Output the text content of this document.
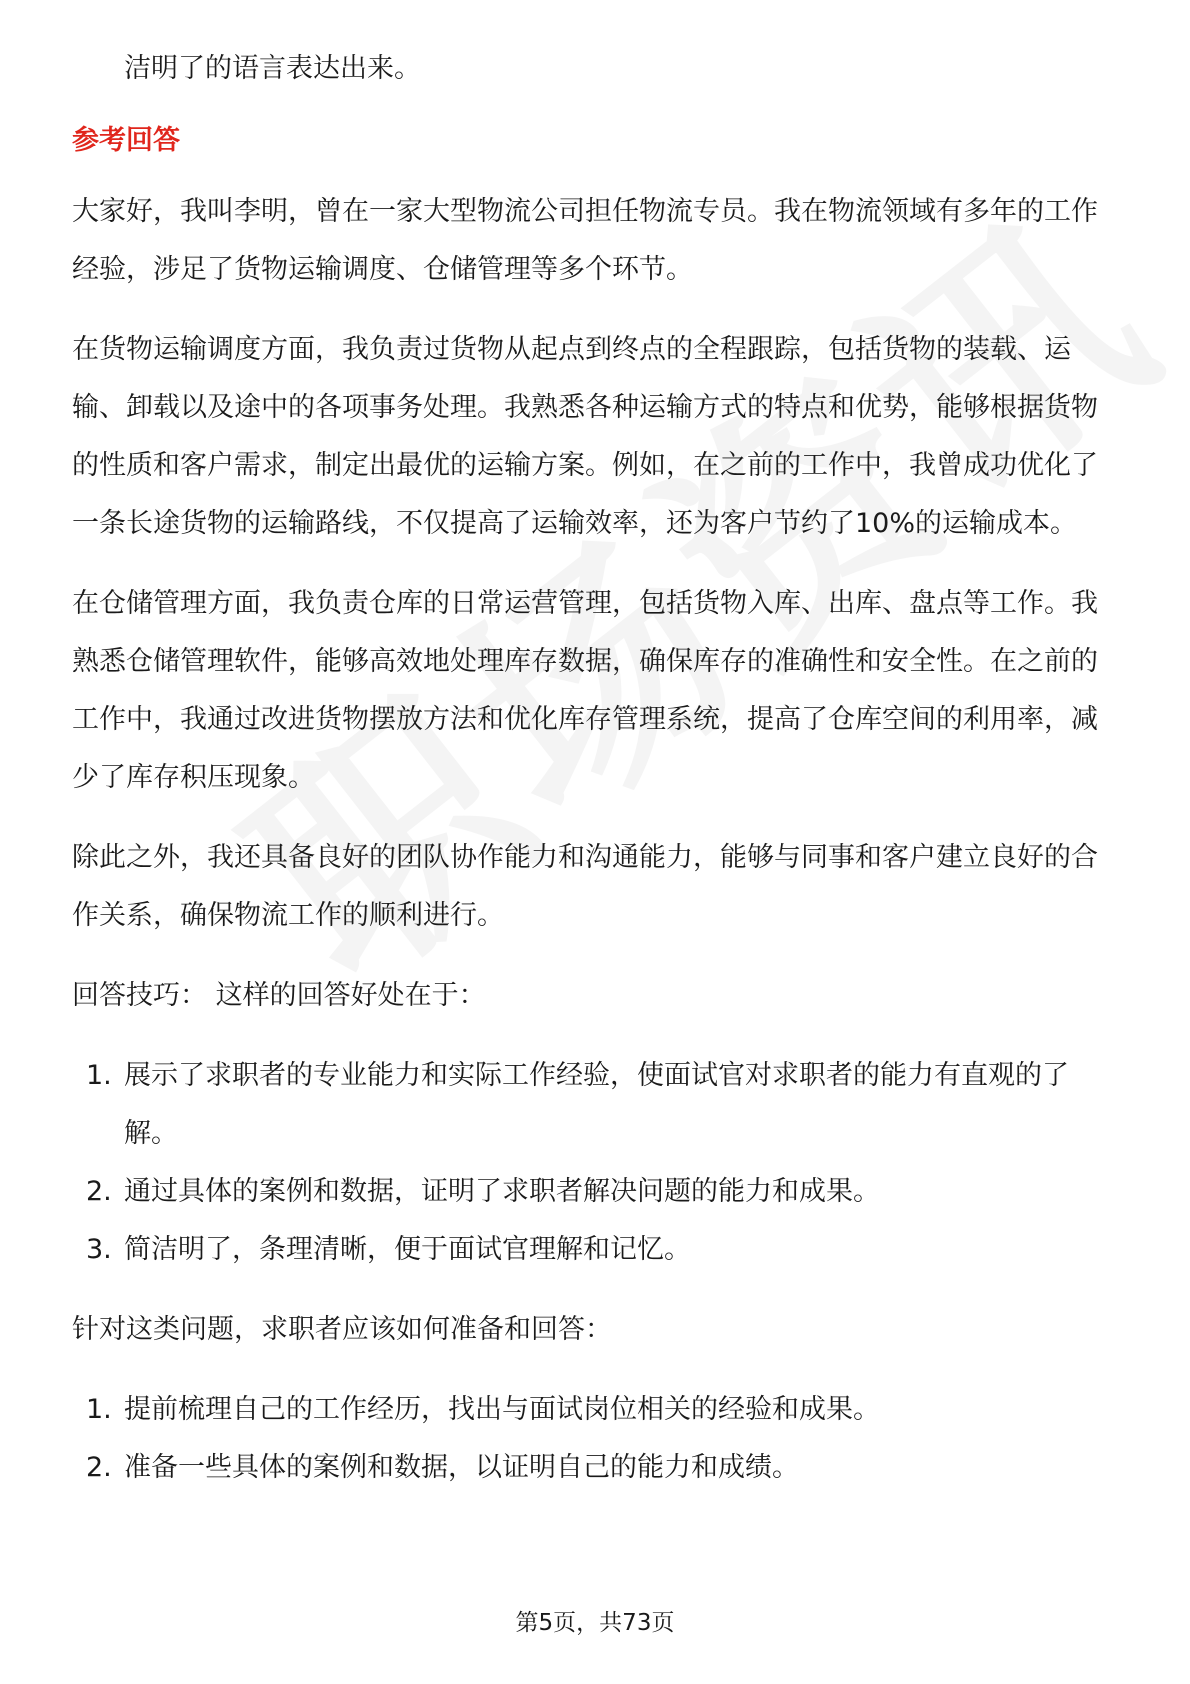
洁明了的语言表达出来。

参考回答

大家好，我叫李明，曾在一家大型物流公司担任物流专员。我在物流领域有多年的工作经验，涉足了货物运输调度、仓储管理等多个环节。

在货物运输调度方面，我负责过货物从起点到终点的全程跟踪，包括货物的装载、运输、卸载以及途中的各项事务处理。我熟悉各种运输方式的特点和优势，能够根据货物的性质和客户需求，制定出最优的运输方案。例如，在之前的工作中，我曾成功优化了一条长途货物的运输路线，不仅提高了运输效率，还为客户节约了10%的运输成本。

在仓储管理方面，我负责仓库的日常运营管理，包括货物入库、出库、盘点等工作。我熟悉仓储管理软件，能够高效地处理库存数据，确保库存的准确性和安全性。在之前的工作中，我通过改进货物摆放方法和优化库存管理系统，提高了仓库空间的利用率，减少了库存积压现象。

除此之外，我还具备良好的团队协作能力和沟通能力，能够与同事和客户建立良好的合作关系，确保物流工作的顺利进行。

回答技巧： 这样的回答好处在于：

1. 展示了求职者的专业能力和实际工作经验，使面试官对求职者的能力有直观的了解。
2. 通过具体的案例和数据，证明了求职者解决问题的能力和成果。
3. 简洁明了，条理清晰，便于面试官理解和记忆。

针对这类问题，求职者应该如何准备和回答：

1. 提前梳理自己的工作经历，找出与面试岗位相关的经验和成果。
2. 准备一些具体的案例和数据，以证明自己的能力和成绩。
第5页，共73页
